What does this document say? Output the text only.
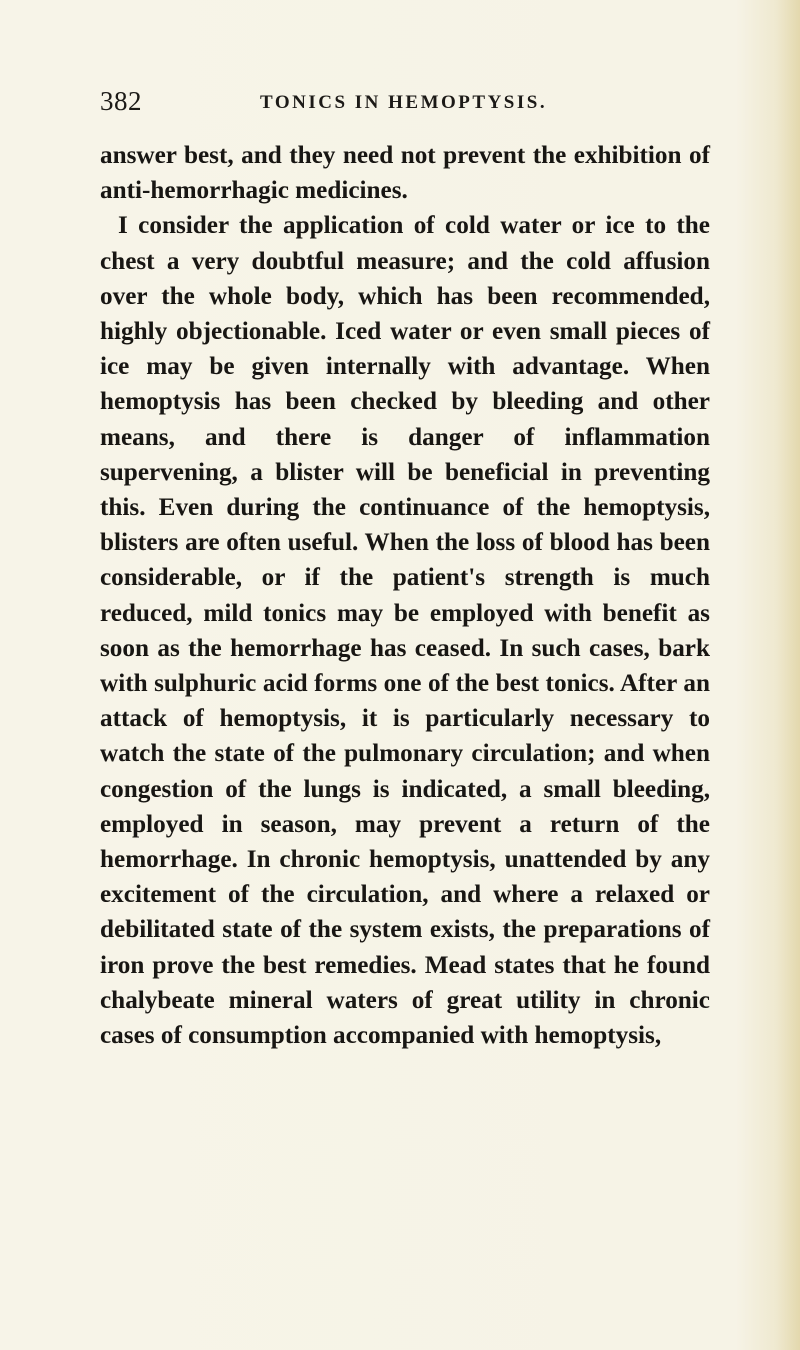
382	TONICS IN HEMOPTYSIS.

answer best, and they need not prevent the exhibition of anti-hemorrhagic medicines.

I consider the application of cold water or ice to the chest a very doubtful measure; and the cold affusion over the whole body, which has been recommended, highly objectionable. Iced water or even small pieces of ice may be given internally with advantage. When hemoptysis has been checked by bleeding and other means, and there is danger of inflammation supervening, a blister will be beneficial in preventing this. Even during the continuance of the hemoptysis, blisters are often useful. When the loss of blood has been considerable, or if the patient's strength is much reduced, mild tonics may be employed with benefit as soon as the hemorrhage has ceased. In such cases, bark with sulphuric acid forms one of the best tonics. After an attack of hemoptysis, it is particularly necessary to watch the state of the pulmonary circulation; and when congestion of the lungs is indicated, a small bleeding, employed in season, may prevent a return of the hemorrhage. In chronic hemoptysis, unattended by any excitement of the circulation, and where a relaxed or debilitated state of the system exists, the preparations of iron prove the best remedies. Mead states that he found chalybeate mineral waters of great utility in chronic cases of consumption accompanied with hemoptysis,
